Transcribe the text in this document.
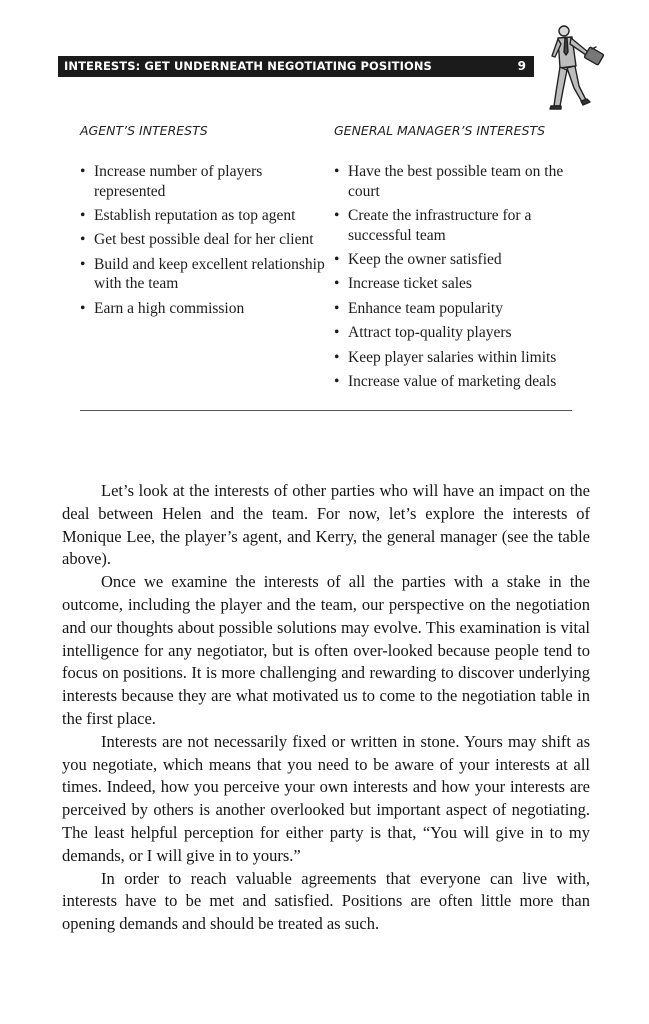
INTERESTS: GET UNDERNEATH NEGOTIATING POSITIONS	9
AGENT’S INTERESTS
• Increase number of players represented
• Establish reputation as top agent
• Get best possible deal for her client
• Build and keep excellent relationship with the team
• Earn a high commission
GENERAL MANAGER’S INTERESTS
• Have the best possible team on the court
• Create the infrastructure for a successful team
• Keep the owner satisfied
• Increase ticket sales
• Enhance team popularity
• Attract top-quality players
• Keep player salaries within limits
• Increase value of marketing deals

Let’s look at the interests of other parties who will have an impact on the deal between Helen and the team. For now, let’s explore the interests of Monique Lee, the player’s agent, and Kerry, the general manager (see the table above).

Once we examine the interests of all the parties with a stake in the outcome, including the player and the team, our perspective on the negotiation and our thoughts about possible solutions may evolve. This examination is vital intelligence for any negotiator, but is often over-looked because people tend to focus on positions. It is more challenging and rewarding to discover underlying interests because they are what motivated us to come to the negotiation table in the first place.

Interests are not necessarily fixed or written in stone. Yours may shift as you negotiate, which means that you need to be aware of your interests at all times. Indeed, how you perceive your own interests and how your interests are perceived by others is another overlooked but important aspect of negotiating. The least helpful perception for either party is that, “You will give in to my demands, or I will give in to yours.”

In order to reach valuable agreements that everyone can live with, interests have to be met and satisfied. Positions are often little more than opening demands and should be treated as such.
